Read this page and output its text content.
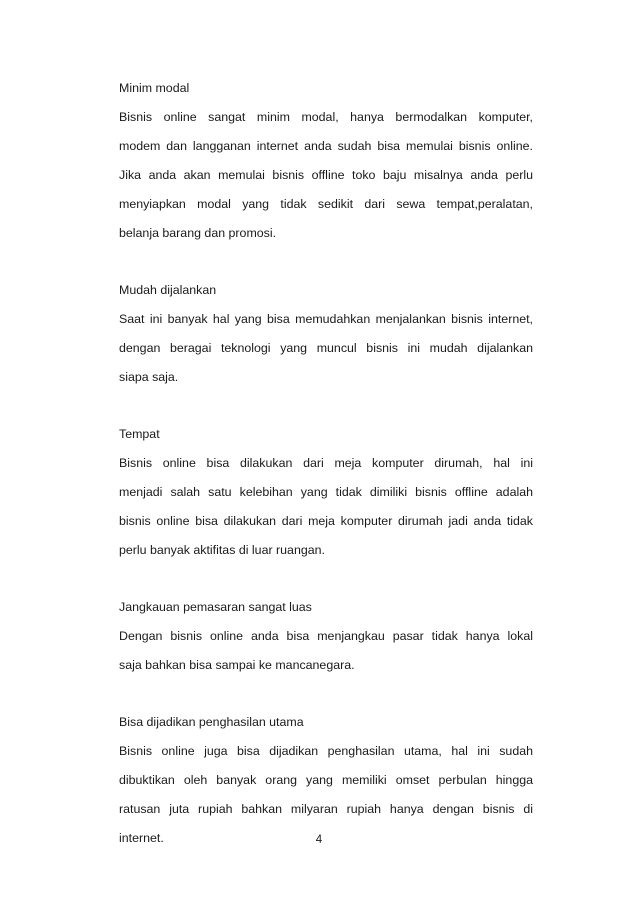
Minim modal
Bisnis online sangat minim modal, hanya bermodalkan komputer,
modem dan langganan internet anda sudah bisa memulai bisnis online.
Jika anda akan memulai bisnis offline toko baju misalnya anda perlu
menyiapkan modal yang tidak sedikit dari sewa tempat,peralatan,
belanja barang dan promosi.
Mudah dijalankan
Saat ini banyak hal yang bisa memudahkan menjalankan bisnis internet,
dengan beragai teknologi yang muncul bisnis ini mudah dijalankan
siapa saja.
Tempat
Bisnis online bisa dilakukan dari meja komputer dirumah, hal ini
menjadi salah satu kelebihan yang tidak dimiliki bisnis offline adalah
bisnis online bisa dilakukan dari meja komputer dirumah jadi anda tidak
perlu banyak aktifitas di luar ruangan.
Jangkauan pemasaran sangat luas
Dengan bisnis online anda bisa menjangkau pasar tidak hanya lokal
saja bahkan bisa sampai ke mancanegara.
Bisa dijadikan penghasilan utama
Bisnis online juga bisa dijadikan penghasilan utama, hal ini sudah
dibuktikan oleh banyak orang yang memiliki omset perbulan hingga
ratusan juta rupiah bahkan milyaran rupiah hanya dengan bisnis di
internet.	4
